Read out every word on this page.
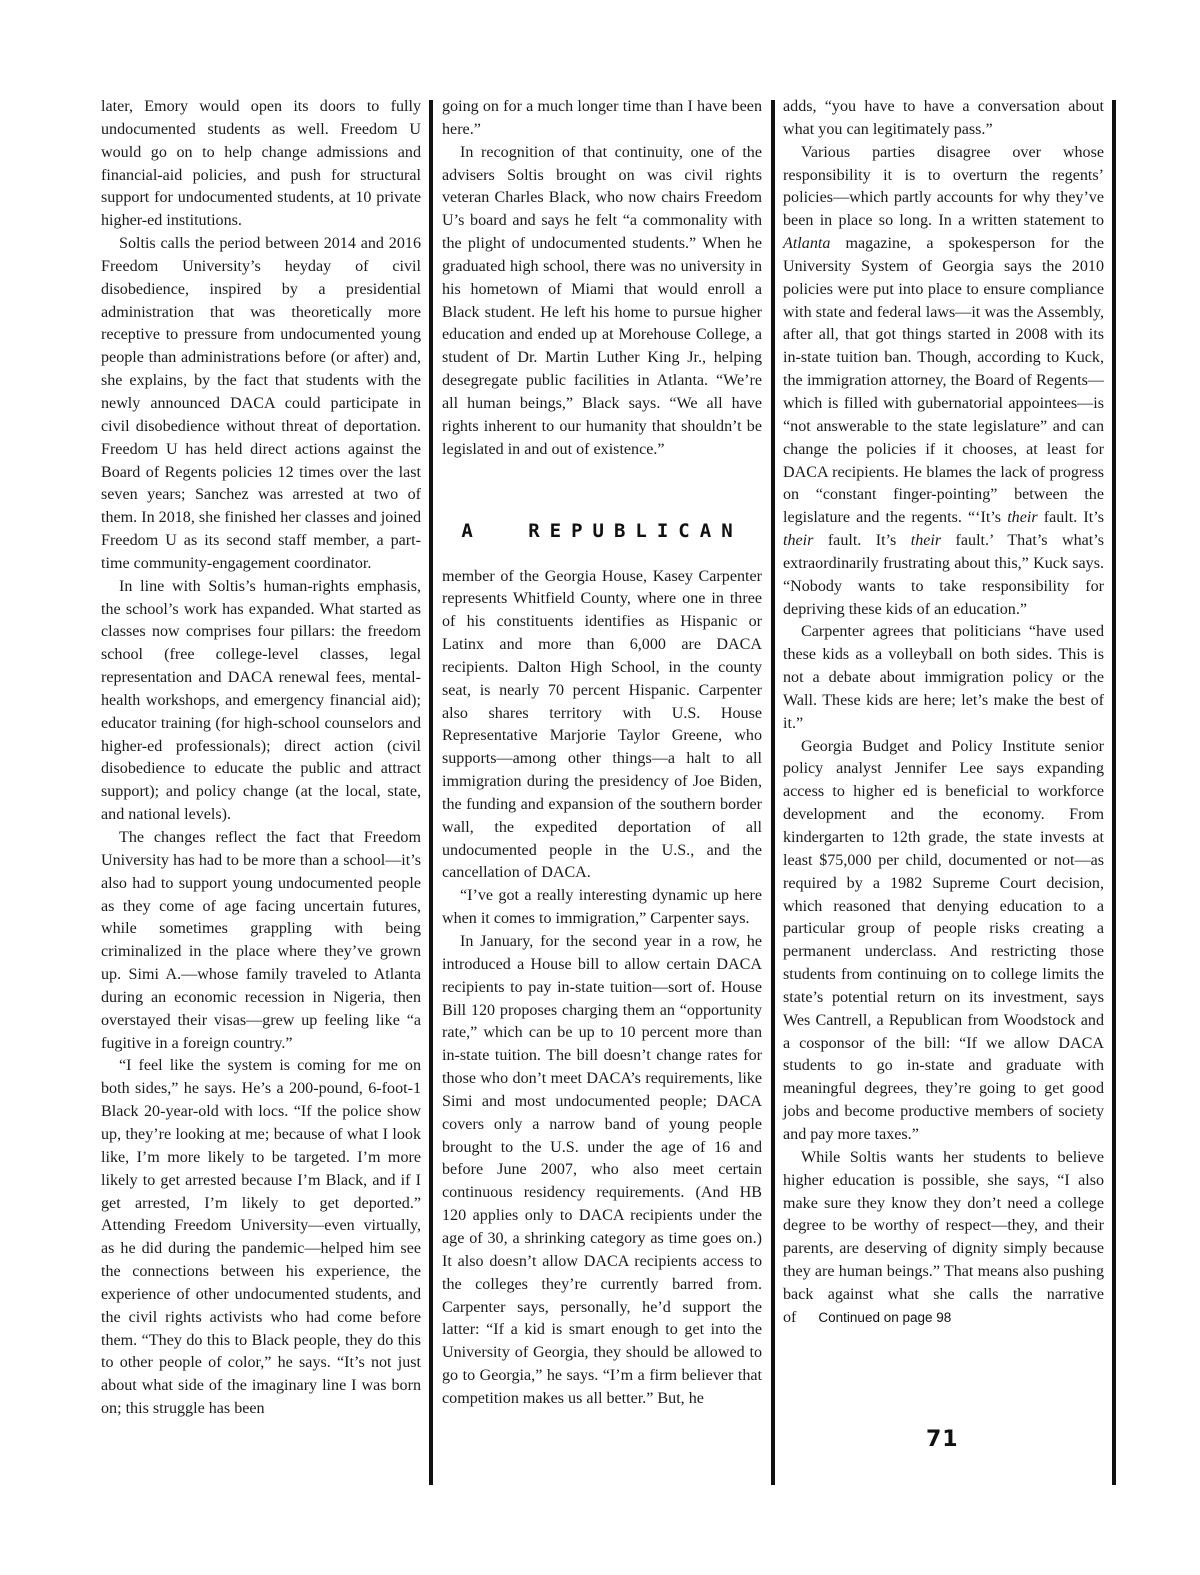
later, Emory would open its doors to fully undocumented students as well. Freedom U would go on to help change admissions and financial-aid policies, and push for structural support for undocumented students, at 10 private higher-ed institutions.

Soltis calls the period between 2014 and 2016 Freedom University’s heyday of civil disobedience, inspired by a presidential administration that was theoretically more receptive to pressure from undocumented young people than administrations before (or after) and, she explains, by the fact that students with the newly announced DACA could participate in civil disobedience without threat of deportation. Freedom U has held direct actions against the Board of Regents policies 12 times over the last seven years; Sanchez was arrested at two of them. In 2018, she finished her classes and joined Freedom U as its second staff member, a part-time community-engagement coordinator.

In line with Soltis’s human-rights emphasis, the school’s work has expanded. What started as classes now comprises four pillars: the freedom school (free college-level classes, legal representation and DACA renewal fees, mental-health workshops, and emergency financial aid); educator training (for high-school counselors and higher-ed professionals); direct action (civil disobedience to educate the public and attract support); and policy change (at the local, state, and national levels).

The changes reflect the fact that Freedom University has had to be more than a school—it’s also had to support young undocumented people as they come of age facing uncertain futures, while sometimes grappling with being criminalized in the place where they’ve grown up. Simi A.—whose family traveled to Atlanta during an economic recession in Nigeria, then overstayed their visas—grew up feeling like “a fugitive in a foreign country.”

“I feel like the system is coming for me on both sides,” he says. He’s a 200-pound, 6-foot-1 Black 20-year-old with locs. “If the police show up, they’re looking at me; because of what I look like, I’m more likely to be targeted. I’m more likely to get arrested because I’m Black, and if I get arrested, I’m likely to get deported.” Attending Freedom University—even virtually, as he did during the pandemic—helped him see the connections between his experience, the experience of other undocumented students, and the civil rights activists who had come before them. “They do this to Black people, they do this to other people of color,” he says. “It’s not just about what side of the imaginary line I was born on; this struggle has been

going on for a much longer time than I have been here.”

In recognition of that continuity, one of the advisers Soltis brought on was civil rights veteran Charles Black, who now chairs Freedom U’s board and says he felt “a commonality with the plight of undocumented students.” When he graduated high school, there was no university in his hometown of Miami that would enroll a Black student. He left his home to pursue higher education and ended up at Morehouse College, a student of Dr. Martin Luther King Jr., helping desegregate public facilities in Atlanta. “We’re all human beings,” Black says. “We all have rights inherent to our humanity that shouldn’t be legislated in and out of existence.”

A REPUBLICAN

member of the Georgia House, Kasey Carpenter represents Whitfield County, where one in three of his constituents identifies as Hispanic or Latinx and more than 6,000 are DACA recipients. Dalton High School, in the county seat, is nearly 70 percent Hispanic. Carpenter also shares territory with U.S. House Representative Marjorie Taylor Greene, who supports—among other things—a halt to all immigration during the presidency of Joe Biden, the funding and expansion of the southern border wall, the expedited deportation of all undocumented people in the U.S., and the cancellation of DACA.

“I’ve got a really interesting dynamic up here when it comes to immigration,” Carpenter says.

In January, for the second year in a row, he introduced a House bill to allow certain DACA recipients to pay in-state tuition—sort of. House Bill 120 proposes charging them an “opportunity rate,” which can be up to 10 percent more than in-state tuition. The bill doesn’t change rates for those who don’t meet DACA’s requirements, like Simi and most undocumented people; DACA covers only a narrow band of young people brought to the U.S. under the age of 16 and before June 2007, who also meet certain continuous residency requirements. (And HB 120 applies only to DACA recipients under the age of 30, a shrinking category as time goes on.) It also doesn’t allow DACA recipients access to the colleges they’re currently barred from. Carpenter says, personally, he’d support the latter: “If a kid is smart enough to get into the University of Georgia, they should be allowed to go to Georgia,” he says. “I’m a firm believer that competition makes us all better.” But, he

adds, “you have to have a conversation about what you can legitimately pass.”

Various parties disagree over whose responsibility it is to overturn the regents’ policies—which partly accounts for why they’ve been in place so long. In a written statement to Atlanta magazine, a spokesperson for the University System of Georgia says the 2010 policies were put into place to ensure compliance with state and federal laws—it was the Assembly, after all, that got things started in 2008 with its in-state tuition ban. Though, according to Kuck, the immigration attorney, the Board of Regents—which is filled with gubernatorial appointees—is “not answerable to the state legislature” and can change the policies if it chooses, at least for DACA recipients. He blames the lack of progress on “constant finger-pointing” between the legislature and the regents. “‘It’s their fault. It’s their fault. It’s their fault.’ That’s what’s extraordinarily frustrating about this,” Kuck says. “Nobody wants to take responsibility for depriving these kids of an education.”

Carpenter agrees that politicians “have used these kids as a volleyball on both sides. This is not a debate about immigration policy or the Wall. These kids are here; let’s make the best of it.”

Georgia Budget and Policy Institute senior policy analyst Jennifer Lee says expanding access to higher ed is beneficial to workforce development and the economy. From kindergarten to 12th grade, the state invests at least $75,000 per child, documented or not—as required by a 1982 Supreme Court decision, which reasoned that denying education to a particular group of people risks creating a permanent underclass. And restricting those students from continuing on to college limits the state’s potential return on its investment, says Wes Cantrell, a Republican from Woodstock and a cosponsor of the bill: “If we allow DACA students to go in-state and graduate with meaningful degrees, they’re going to get good jobs and become productive members of society and pay more taxes.”

While Soltis wants her students to believe higher education is possible, she says, “I also make sure they know they don’t need a college degree to be worthy of respect—they, and their parents, are deserving of dignity simply because they are human beings.” That means also pushing back against what she calls the narrative of Continued on page 98

71
